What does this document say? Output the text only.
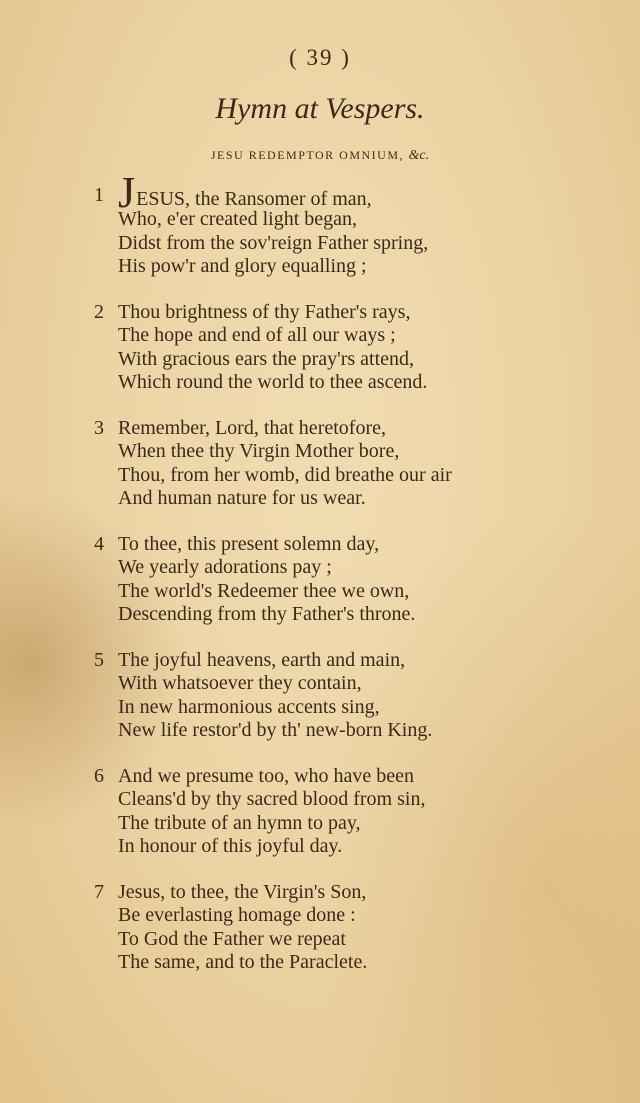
( 39 )
Hymn at Vespers.
JESU REDEMPTOR OMNIUM, &c.
1 JESUS, the Ransomer of man,
Who, e'er created light began,
Didst from the sov'reign Father spring,
His pow'r and glory equalling ;
2 Thou brightness of thy Father's rays,
The hope and end of all our ways ;
With gracious ears the pray'rs attend,
Which round the world to thee ascend.
3 Remember, Lord, that heretofore,
When thee thy Virgin Mother bore,
Thou, from her womb, did breathe our air
And human nature for us wear.
4 To thee, this present solemn day,
We yearly adorations pay ;
The world's Redeemer thee we own,
Descending from thy Father's throne.
5 The joyful heavens, earth and main,
With whatsoever they contain,
In new harmonious accents sing,
New life restor'd by th' new-born King.
6 And we presume too, who have been
Cleans'd by thy sacred blood from sin,
The tribute of an hymn to pay,
In honour of this joyful day.
7 Jesus, to thee, the Virgin's Son,
Be everlasting homage done :
To God the Father we repeat
The same, and to the Paraclete.
